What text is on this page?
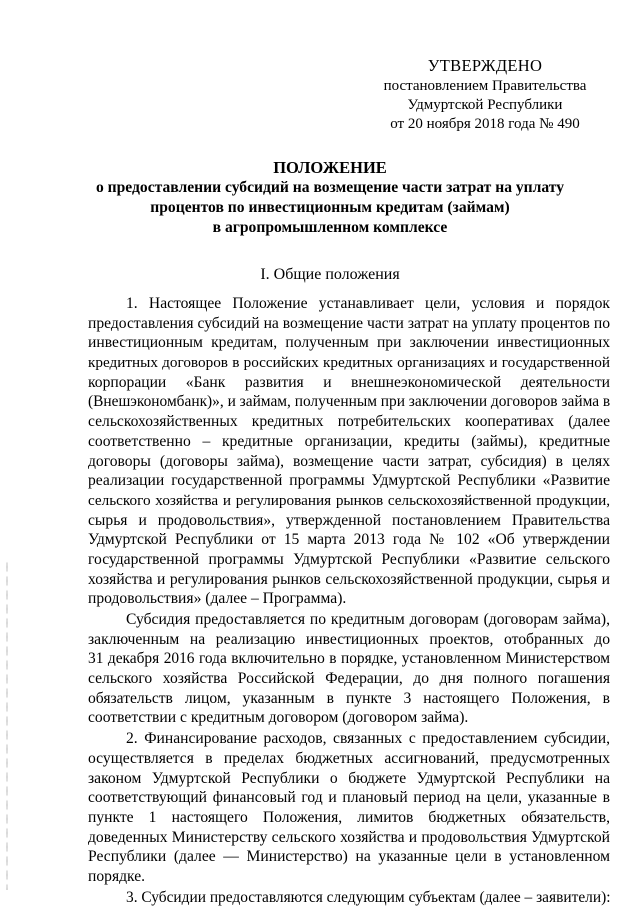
УТВЕРЖДЕНО
постановлением Правительства
Удмуртской Республики
от 20 ноября 2018 года № 490
ПОЛОЖЕНИЕ
о предоставлении субсидий на возмещение части затрат на уплату
процентов по инвестиционным кредитам (займам)
в агропромышленном комплексе
I. Общие положения
1. Настоящее Положение устанавливает цели, условия и порядок
предоставления субсидий на возмещение части затрат на уплату процентов по
инвестиционным кредитам, полученным при заключении инвестиционных
кредитных договоров в российских кредитных организациях и государственной
корпорации «Банк развития и внешнеэкономической деятельности
(Внешэкономбанк)», и займам, полученным при заключении договоров займа в
сельскохозяйственных кредитных потребительских кооперативах (далее
соответственно – кредитные организации, кредиты (займы), кредитные
договоры (договоры займа), возмещение части затрат, субсидия) в целях
реализации государственной программы Удмуртской Республики «Развитие
сельского хозяйства и регулирования рынков сельскохозяйственной продукции,
сырья и продовольствия», утвержденной постановлением Правительства
Удмуртской Республики от 15 марта 2013 года № 102 «Об утверждении
государственной программы Удмуртской Республики «Развитие сельского
хозяйства и регулирования рынков сельскохозяйственной продукции, сырья и
продовольствия» (далее – Программа).
Субсидия предоставляется по кредитным договорам (договорам займа),
заключенным на реализацию инвестиционных проектов, отобранных до
31 декабря 2016 года включительно в порядке, установленном Министерством
сельского хозяйства Российской Федерации, до дня полного погашения
обязательств лицом, указанным в пункте 3 настоящего Положения, в
соответствии с кредитным договором (договором займа).
2. Финансирование расходов, связанных с предоставлением субсидии,
осуществляется в пределах бюджетных ассигнований, предусмотренных
законом Удмуртской Республики о бюджете Удмуртской Республики на
соответствующий финансовый год и плановый период на цели, указанные в
пункте 1 настоящего Положения, лимитов бюджетных обязательств,
доведенных Министерству сельского хозяйства и продовольствия Удмуртской
Республики (далее — Министерство) на указанные цели в установленном
порядке.
3. Субсидии предоставляются следующим субъектам (далее – заявители):
